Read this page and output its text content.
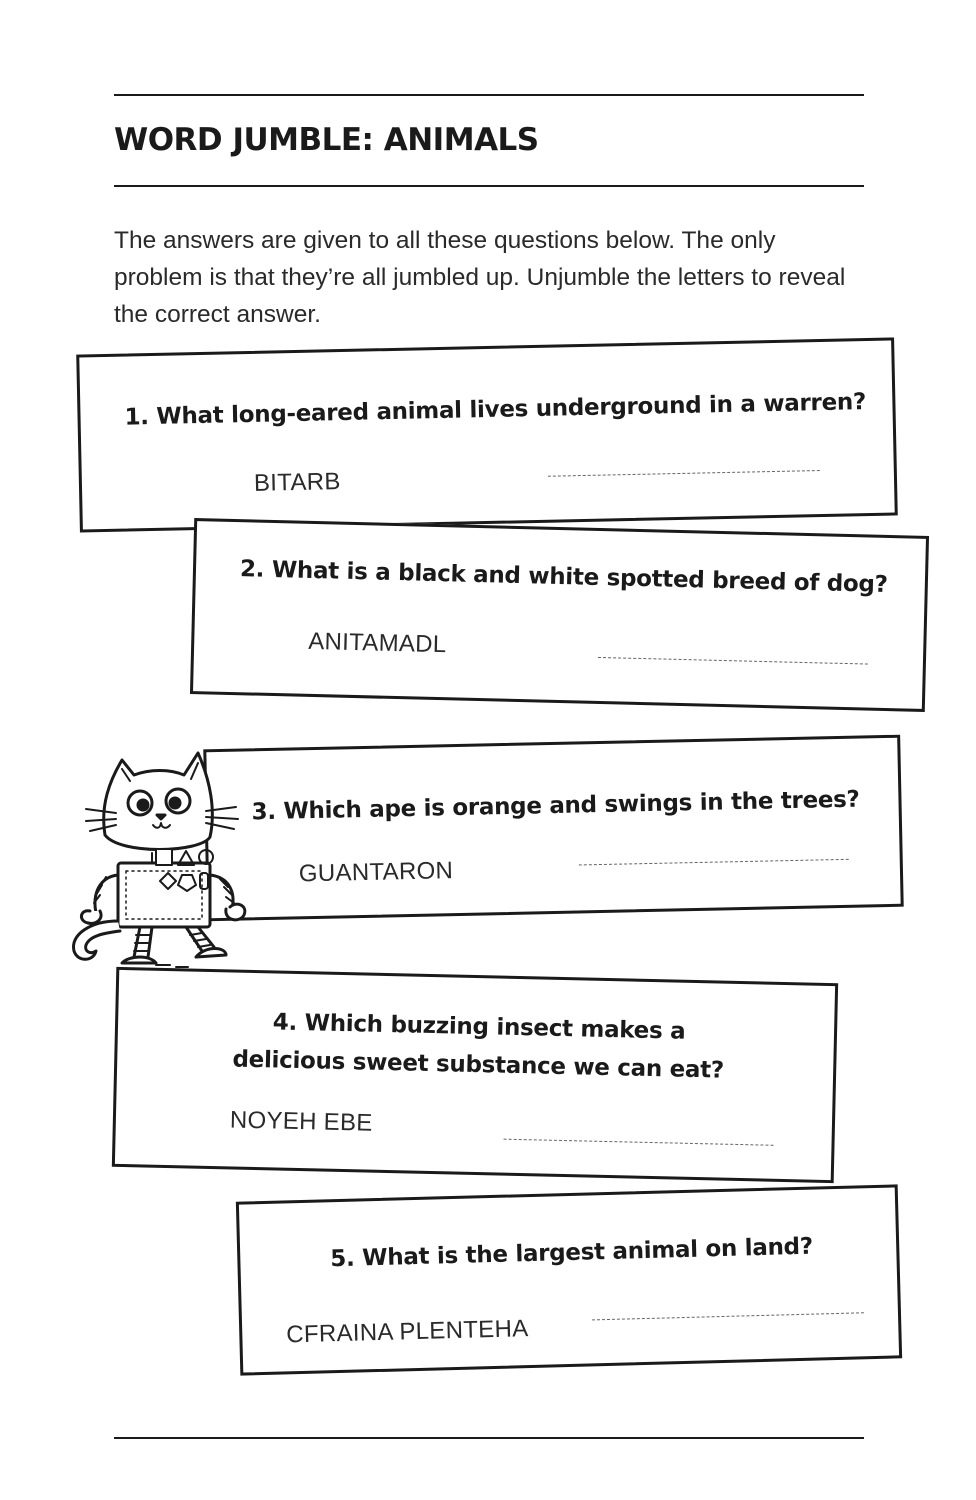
WORD JUMBLE: ANIMALS

The answers are given to all these questions below. The only problem is that they’re all jumbled up. Unjumble the letters to reveal the correct answer.

1. What long-eared animal lives underground in a warren?
BITARB
2. What is a black and white spotted breed of dog?
ANITAMADL
3. Which ape is orange and swings in the trees?
GUANTARON
4. Which buzzing insect makes a delicious sweet substance we can eat?
NOYEH EBE
5. What is the largest animal on land?
CFRAINA PLENTEHA
